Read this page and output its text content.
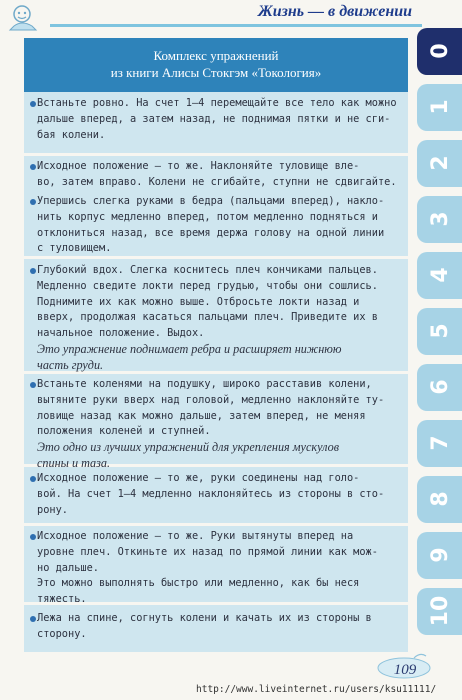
Жизнь — в движении
Комплекс упражнений
из книги Алисы Стокгэм «Токология»
Встаньте ровно. На счет 1–4 перемещайте все тело как можно
дальше вперед, а затем назад, не поднимая пятки и не сги-
бая колени.
Исходное положение — то же. Наклоняйте туловище вле-
во, затем вправо. Колени не сгибайте, ступни не сдвигайте.
Упершись слегка руками в бедра (пальцами вперед), накло-
нить корпус медленно вперед, потом медленно подняться и
отклониться назад, все время держа голову на одной линии
с туловищем.
Глубокий вдох. Слегка коснитесь плеч кончиками пальцев.
Медленно сведите локти перед грудью, чтобы они сошлись.
Поднимите их как можно выше. Отбросьте локти назад и
вверх, продолжая касаться пальцами плеч. Приведите их в
начальное положение. Выдох.
Это упражнение поднимает ребра и расширяет нижнюю
часть груди.
Встаньте коленями на подушку, широко расставив колени,
вытяните руки вверх над головой, медленно наклоняйте ту-
ловище назад как можно дальше, затем вперед, не меняя
положения коленей и ступней.
Это одно из лучших упражнений для укрепления мускулов
спины и таза.
Исходное положение — то же, руки соединены над голо-
вой. На счет 1–4 медленно наклоняйтесь из стороны в сто-
рону.
Исходное положение — то же. Руки вытянуты вперед на
уровне плеч. Откиньте их назад по прямой линии как мож-
но дальше.
Это можно выполнять быстро или медленно, как бы неся
тяжесть.
Лежа на спине, согнуть колени и качать их из стороны в
сторону.
0
1
2
3
4
5
6
7
8
9
10
109
http://www.liveinternet.ru/users/ksu11111/
